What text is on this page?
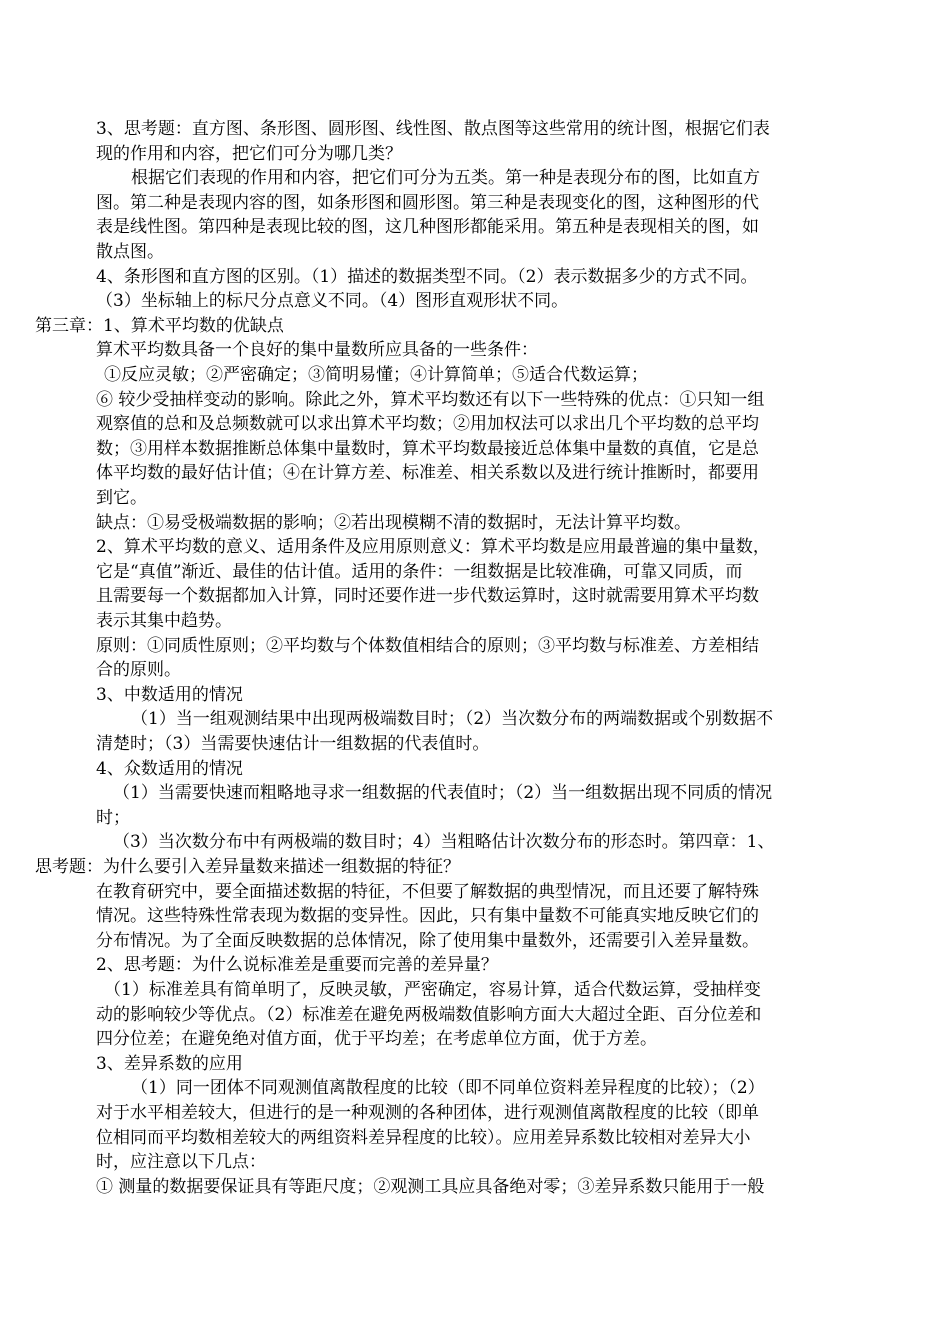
3、思考题：直方图、条形图、圆形图、线性图、散点图等这些常用的统计图，根据它们表
现的作用和内容，把它们可分为哪几类？
根据它们表现的作用和内容，把它们可分为五类。第一种是表现分布的图，比如直方
图。第二种是表现内容的图，如条形图和圆形图。第三种是表现变化的图，这种图形的代
表是线性图。第四种是表现比较的图，这几种图形都能采用。第五种是表现相关的图，如
散点图。
4、条形图和直方图的区别。（1）描述的数据类型不同。（2）表示数据多少的方式不同。
（3）坐标轴上的标尺分点意义不同。（4）图形直观形状不同。
第三章：1、算术平均数的优缺点
算术平均数具备一个良好的集中量数所应具备的一些条件：
①反应灵敏；②严密确定；③简明易懂；④计算简单；⑤适合代数运算；
⑥ 较少受抽样变动的影响。除此之外，算术平均数还有以下一些特殊的优点：①只知一组
观察值的总和及总频数就可以求出算术平均数；②用加权法可以求出几个平均数的总平均
数；③用样本数据推断总体集中量数时，算术平均数最接近总体集中量数的真值，它是总
体平均数的最好估计值；④在计算方差、标准差、相关系数以及进行统计推断时，都要用
到它。
缺点：①易受极端数据的影响；②若出现模糊不清的数据时，无法计算平均数。
2、算术平均数的意义、适用条件及应用原则意义：算术平均数是应用最普遍的集中量数，
它是“真值”渐近、最佳的估计值。适用的条件：一组数据是比较准确，可靠又同质，而
且需要每一个数据都加入计算，同时还要作进一步代数运算时，这时就需要用算术平均数
表示其集中趋势。
原则：①同质性原则；②平均数与个体数值相结合的原则；③平均数与标准差、方差相结
合的原则。
3、中数适用的情况
（1）当一组观测结果中出现两极端数目时；（2）当次数分布的两端数据或个别数据不
清楚时；（3）当需要快速估计一组数据的代表值时。
4、众数适用的情况
（1）当需要快速而粗略地寻求一组数据的代表值时；（2）当一组数据出现不同质的情况
时；
（3）当次数分布中有两极端的数目时；4）当粗略估计次数分布的形态时。第四章：1、
思考题：为什么要引入差异量数来描述一组数据的特征？
在教育研究中，要全面描述数据的特征，不但要了解数据的典型情况，而且还要了解特殊
情况。这些特殊性常表现为数据的变异性。因此，只有集中量数不可能真实地反映它们的
分布情况。为了全面反映数据的总体情况，除了使用集中量数外，还需要引入差异量数。
2、思考题：为什么说标准差是重要而完善的差异量？
（1）标准差具有简单明了，反映灵敏，严密确定，容易计算，适合代数运算，受抽样变
动的影响较少等优点。（2）标准差在避免两极端数值影响方面大大超过全距、百分位差和
四分位差；在避免绝对值方面，优于平均差；在考虑单位方面，优于方差。
3、差异系数的应用
（1）同一团体不同观测值离散程度的比较（即不同单位资料差异程度的比较）；（2）
对于水平相差较大，但进行的是一种观测的各种团体，进行观测值离散程度的比较（即单
位相同而平均数相差较大的两组资料差异程度的比较）。应用差异系数比较相对差异大小
时，应注意以下几点：
① 测量的数据要保证具有等距尺度；②观测工具应具备绝对零；③差异系数只能用于一般
